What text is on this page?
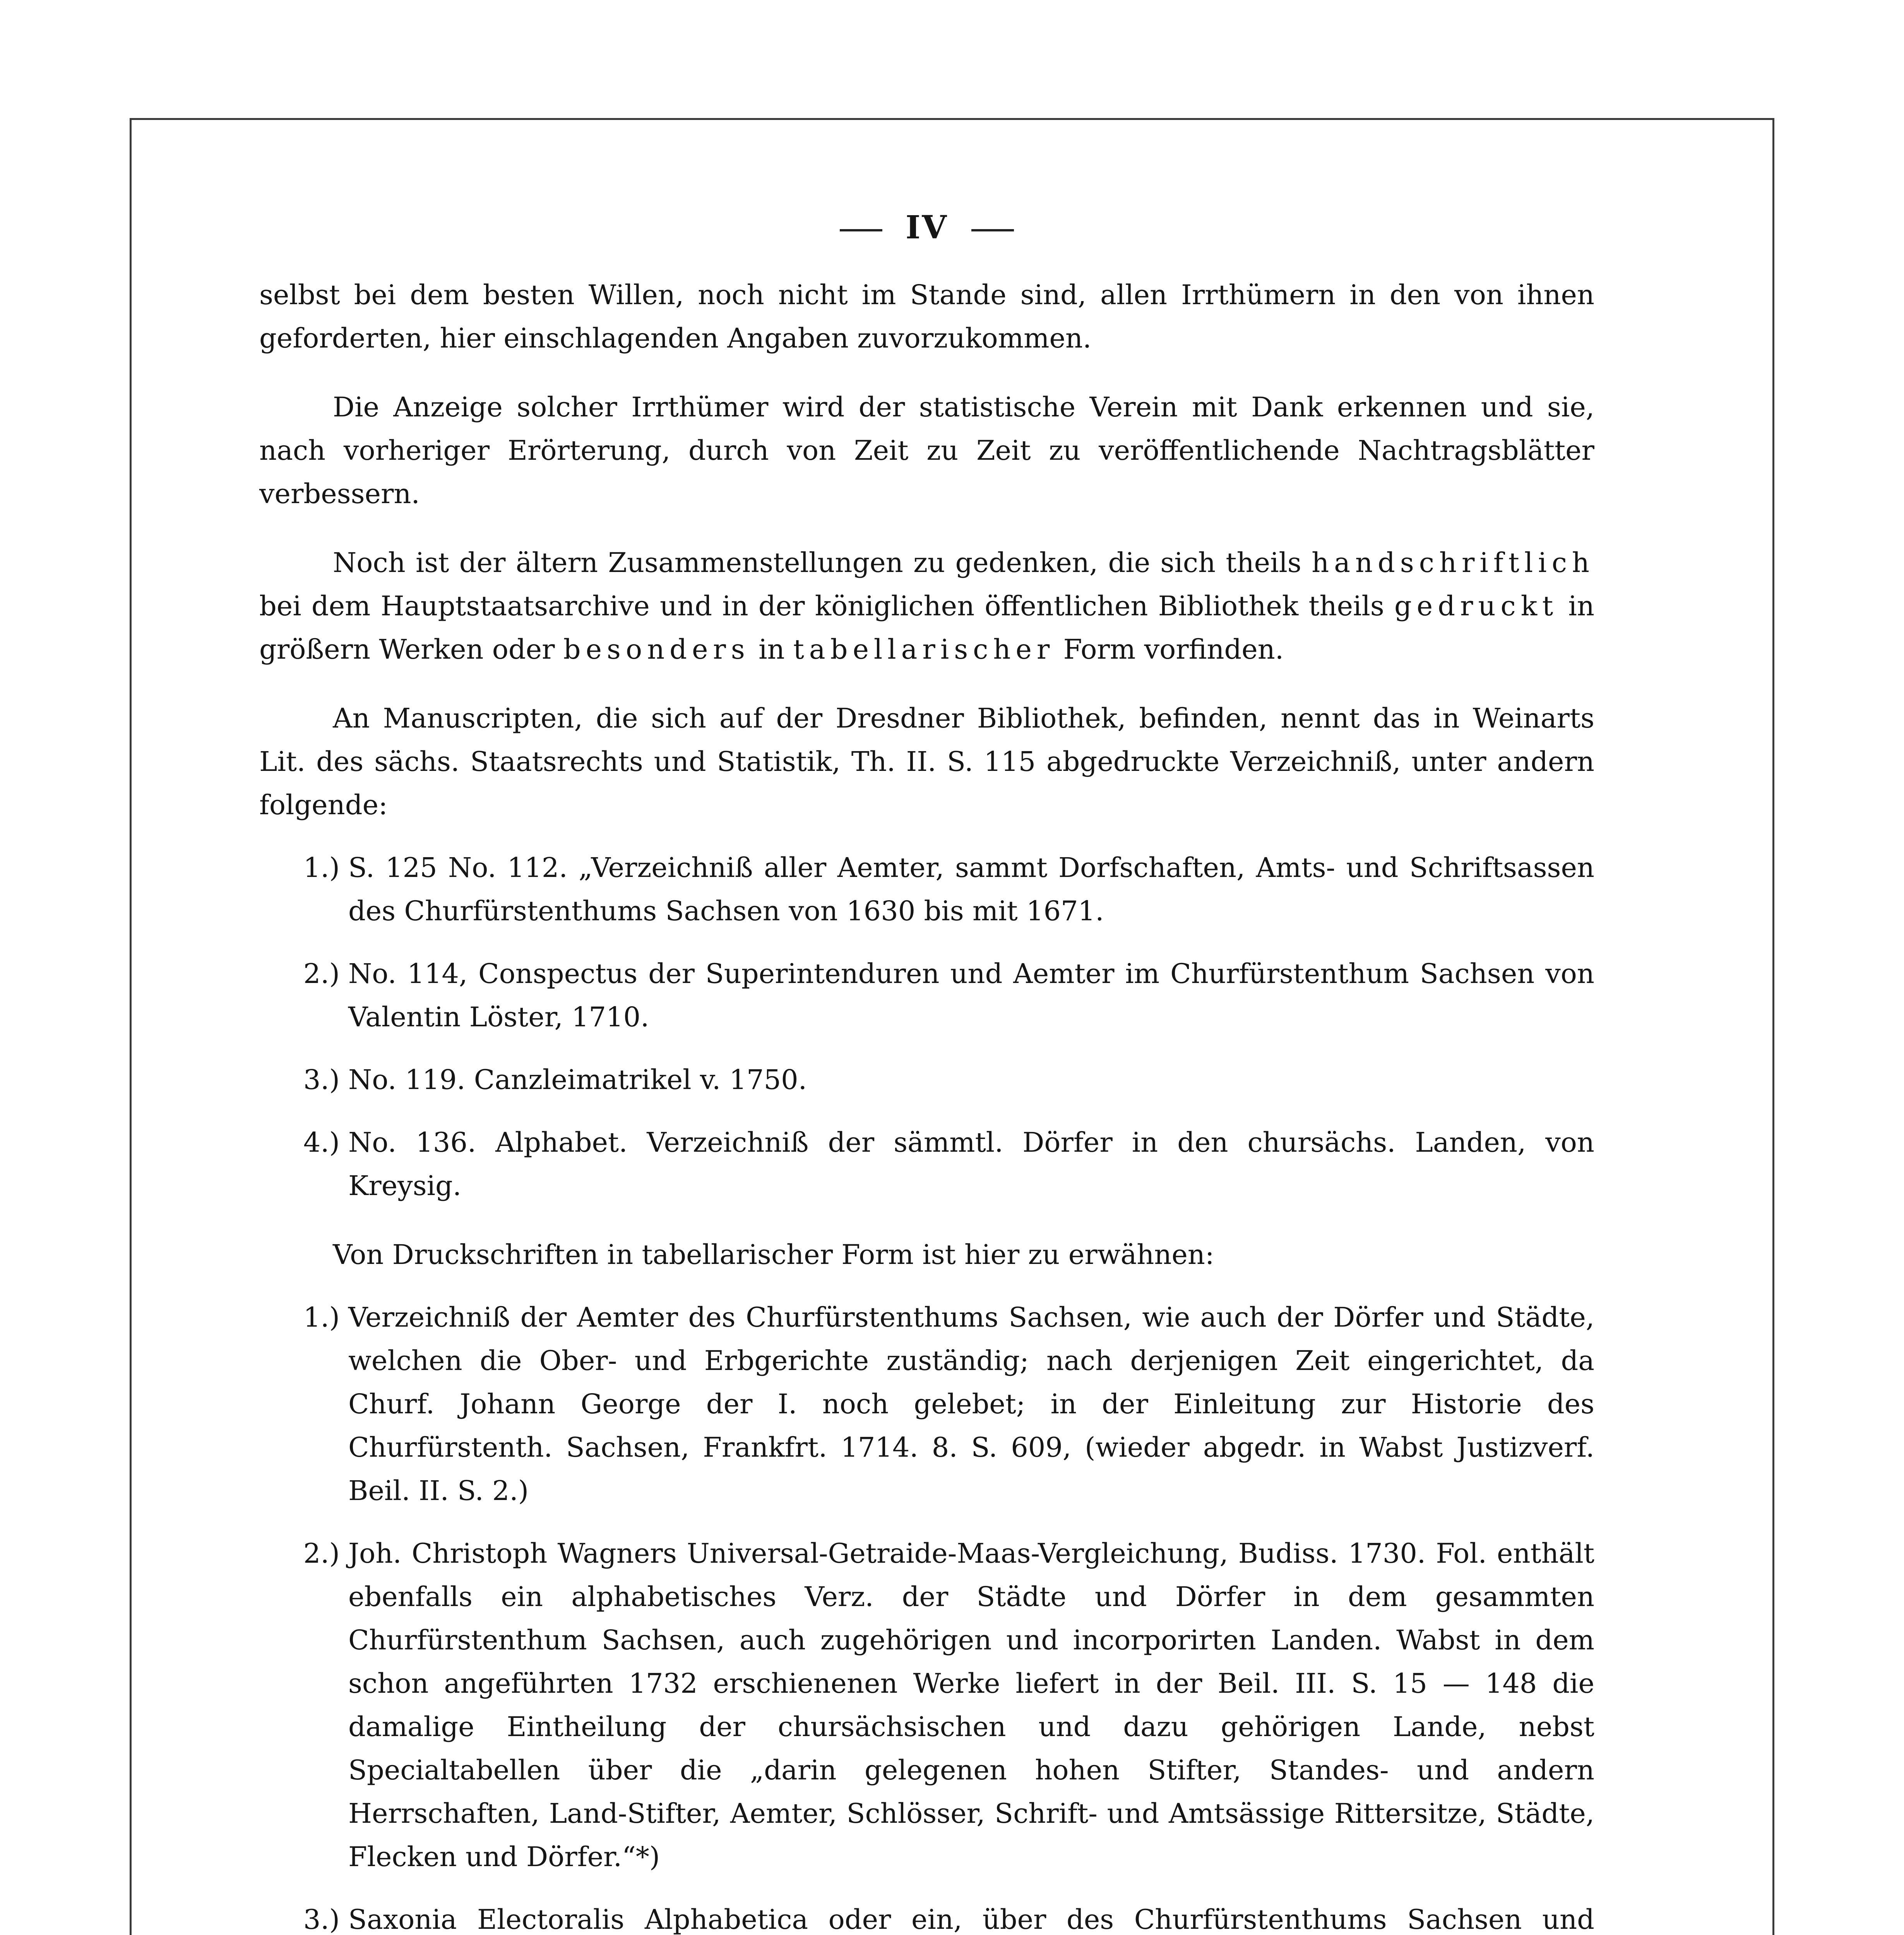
IV

selbst bei dem besten Willen, noch nicht im Stande sind, allen Irrthümern in den von ihnen geforderten, hier einschlagenden Angaben zuvorzukommen.

Die Anzeige solcher Irrthümer wird der statistische Verein mit Dank erkennen und sie, nach vorheriger Erörterung, durch von Zeit zu Zeit zu veröffentlichende Nachtragsblätter verbessern.

Noch ist der ältern Zusammenstellungen zu gedenken, die sich theils handschriftlich bei dem Hauptstaatsarchive und in der königlichen öffentlichen Bibliothek theils gedruckt in größern Werken oder besonders in tabellarischer Form vorfinden.

An Manuscripten, die sich auf der Dresdner Bibliothek, befinden, nennt das in Weinarts Lit. des sächs. Staatsrechts und Statistik, Th. II. S. 115 abgedruckte Verzeichniß, unter andern folgende:

1.) S. 125 No. 112. „Verzeichniß aller Aemter, sammt Dorfschaften, Amts- und Schriftsassen des Churfürstenthums Sachsen von 1630 bis mit 1671.
2.) No. 114, Conspectus der Superintenduren und Aemter im Churfürstenthum Sachsen von Valentin Löster, 1710.
3.) No. 119. Canzleimatrikel v. 1750.
4.) No. 136. Alphabet. Verzeichniß der sämmtl. Dörfer in den chursächs. Landen, von Kreysig.

Von Druckschriften in tabellarischer Form ist hier zu erwähnen:

1.) Verzeichniß der Aemter des Churfürstenthums Sachsen, wie auch der Dörfer und Städte, welchen die Ober- und Erbgerichte zuständig; nach derjenigen Zeit eingerichtet, da Churf. Johann George der I. noch gelebet; in der Einleitung zur Historie des Churfürstenth. Sachsen, Frankfrt. 1714. 8. S. 609, (wieder abgedr. in Wabst Justizverf. Beil. II. S. 2.)
2.) Joh. Christoph Wagners Universal-Getraide-Maas-Vergleichung, Budiss. 1730. Fol. enthält ebenfalls ein alphabetisches Verz. der Städte und Dörfer in dem gesammten Churfürstenthum Sachsen, auch zugehörigen und incorporirten Landen. Wabst in dem schon angeführten 1732 erschienenen Werke liefert in der Beil. III. S. 15 — 148 die damalige Eintheilung der chursächsischen und dazu gehörigen Lande, nebst Specialtabellen über die „darin gelegenen hohen Stifter, Standes- und andern Herrschaften, Land-Stifter, Aemter, Schlösser, Schrift- und Amtsässige Rittersitze, Städte, Flecken und Dörfer.“*)
3.) Saxonia Electoralis Alphabetica oder ein, über des Churfürstenthums Sachsen und
